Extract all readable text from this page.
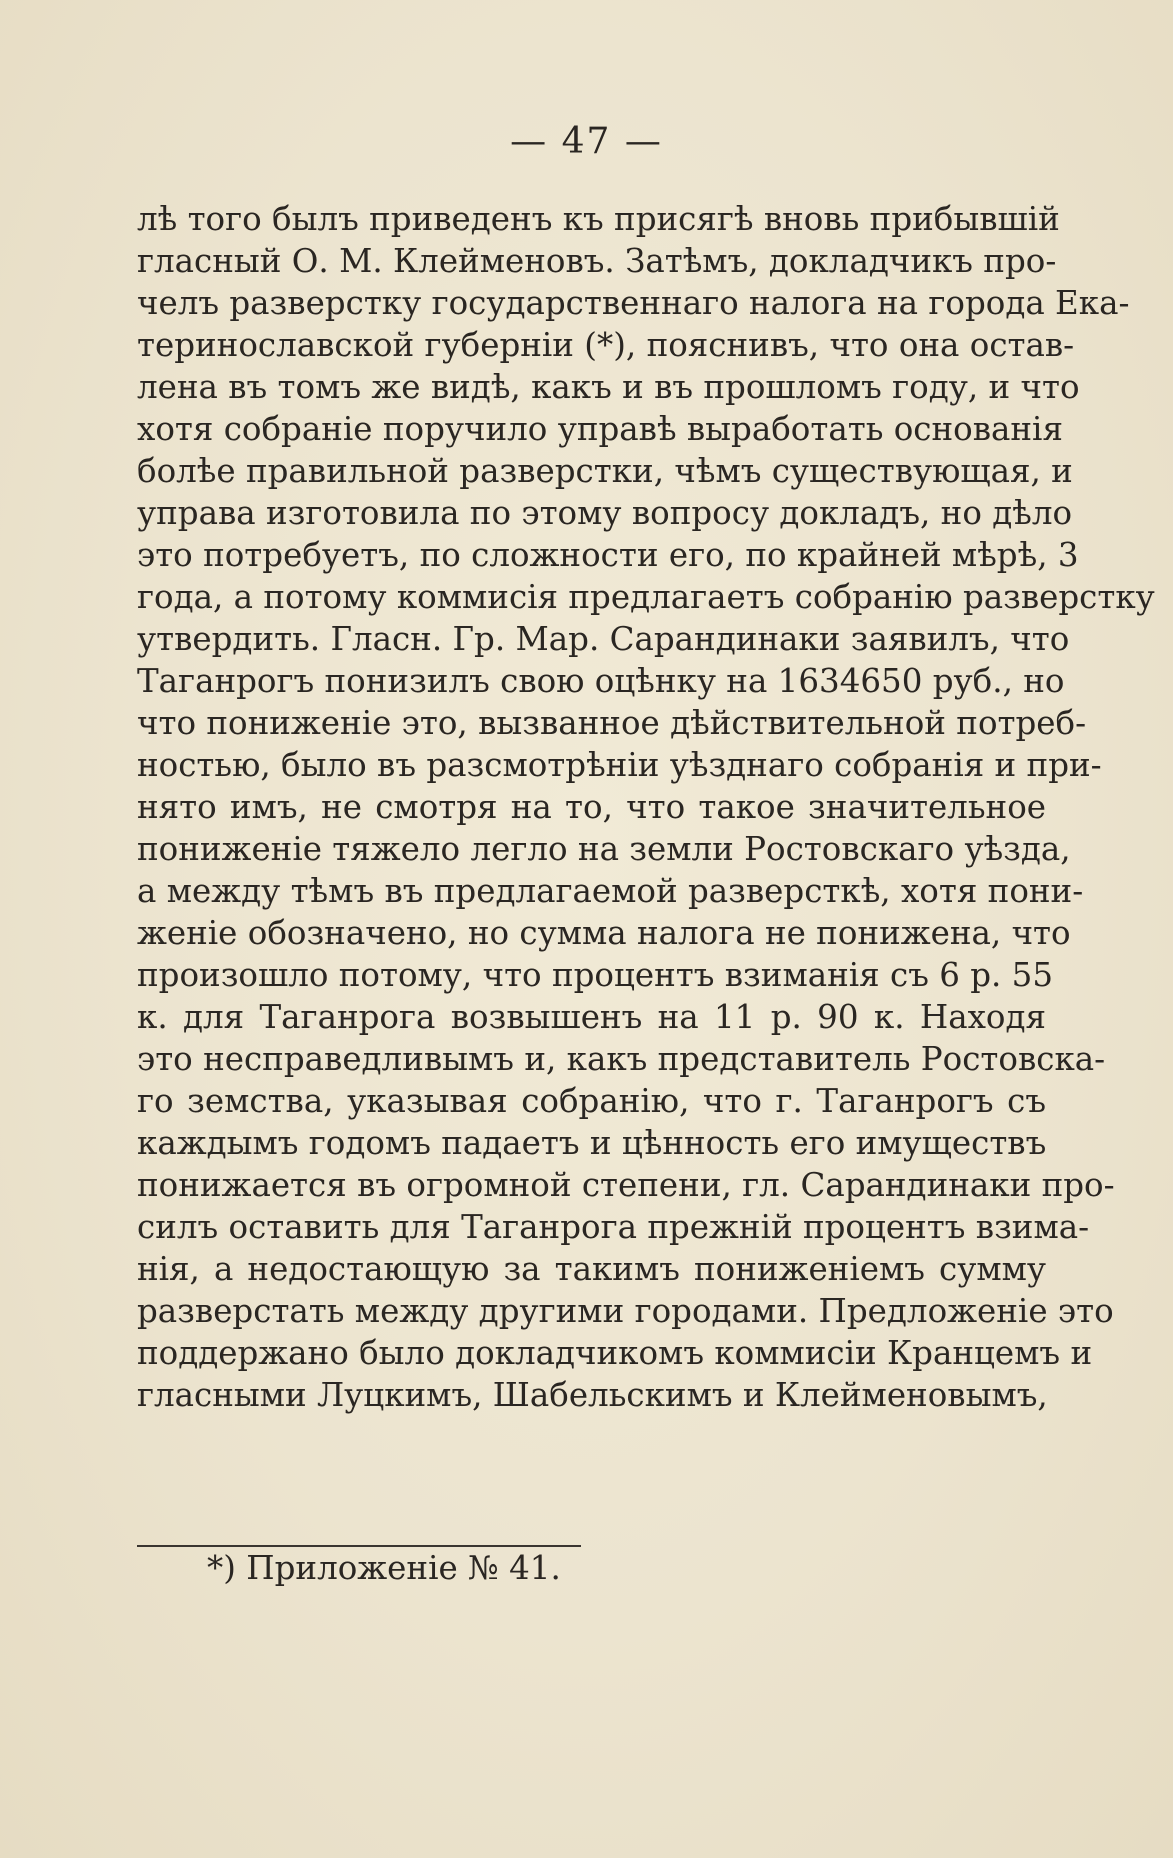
— 47 —
лѣ того былъ приведенъ къ присягѣ вновь прибывшій
гласный О. М. Клейменовъ. Затѣмъ, докладчикъ про-
челъ разверстку государственнаго налога на города Ека-
теринославской губерніи (*), пояснивъ, что она остав-
лена въ томъ же видѣ, какъ и въ прошломъ году, и что
хотя собраніе поручило управѣ выработать основанія
болѣе правильной разверстки, чѣмъ существующая, и
управа изготовила по этому вопросу докладъ, но дѣло
это потребуетъ, по сложности его, по крайней мѣрѣ, 3
года, а потому коммисія предлагаетъ собранію разверстку
утвердить. Гласн. Гр. Мар. Сарандинаки заявилъ, что
Таганрогъ понизилъ свою оцѣнку на 1634650 руб., но
что пониженіе это, вызванное дѣйствительной потреб-
ностью, было въ разсмотрѣніи уѣзднаго собранія и при-
нято имъ, не смотря на то, что такое значительное
пониженіе тяжело легло на земли Ростовскаго уѣзда,
а между тѣмъ въ предлагаемой разверсткѣ, хотя пони-
женіе обозначено, но сумма налога не понижена, что
произошло потому, что процентъ взиманія съ 6 р. 55
к. для Таганрога возвышенъ на 11 р. 90 к. Находя
это несправедливымъ и, какъ представитель Ростовска-
го земства, указывая собранію, что г. Таганрогъ съ
каждымъ годомъ падаетъ и цѣнность его имуществъ
понижается въ огромной степени, гл. Сарандинаки про-
силъ оставить для Таганрога прежній процентъ взима-
нія, а недостающую за такимъ пониженіемъ сумму
разверстать между другими городами. Предложеніе это
поддержано было докладчикомъ коммисіи Кранцемъ и
гласными Луцкимъ, Шабельскимъ и Клейменовымъ,
*) Приложеніе № 41.
